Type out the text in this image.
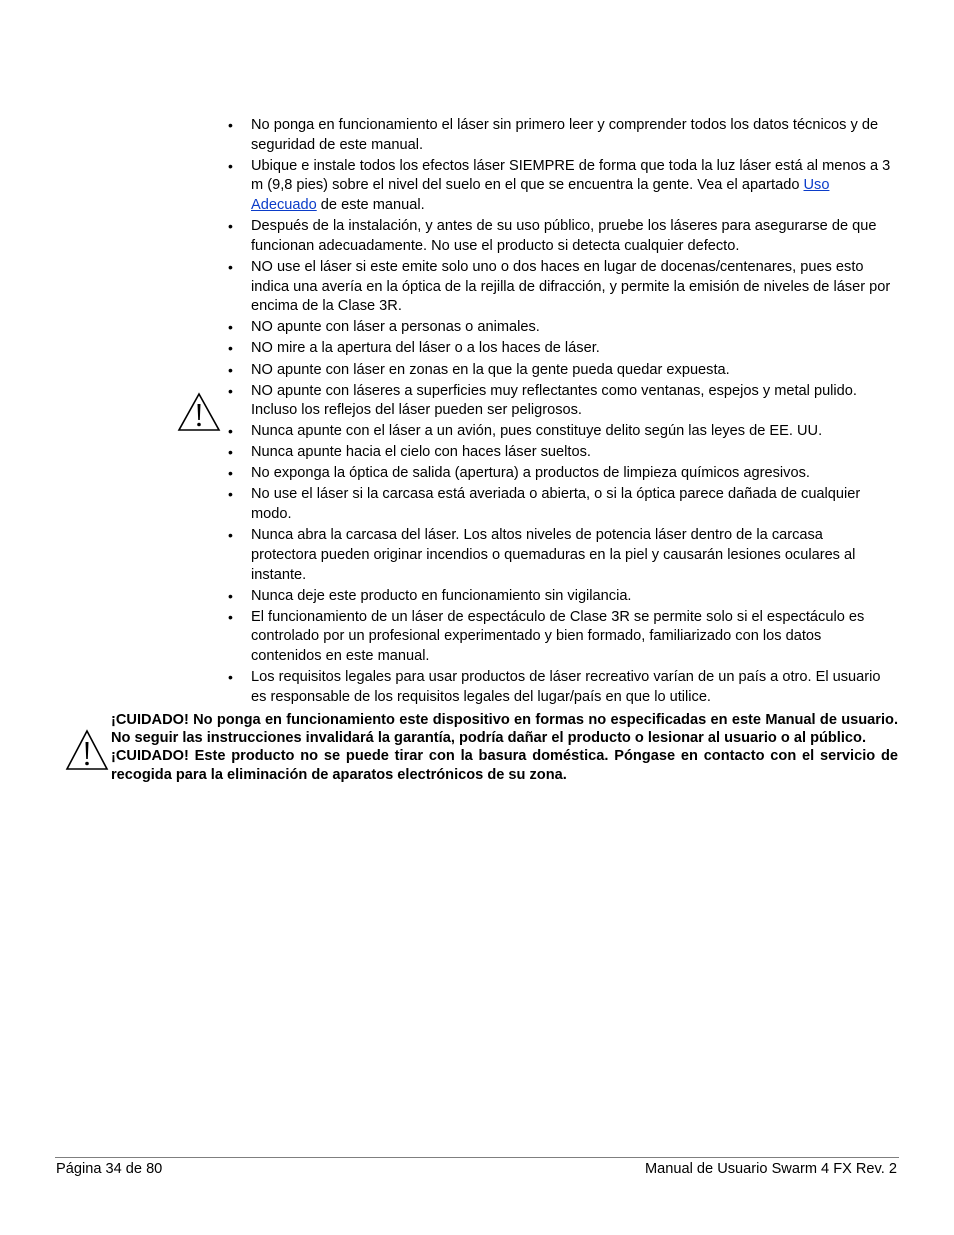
• No ponga en funcionamiento el láser sin primero leer y comprender todos los datos técnicos y de seguridad de este manual.
• Ubique e instale todos los efectos láser SIEMPRE de forma que toda la luz láser está al menos a 3 m (9,8 pies) sobre el nivel del suelo en el que se encuentra la gente. Vea el apartado Uso Adecuado de este manual.
• Después de la instalación, y antes de su uso público, pruebe los láseres para asegurarse de que funcionan adecuadamente. No use el producto si detecta cualquier defecto.
• NO use el láser si este emite solo uno o dos haces en lugar de docenas/centenares, pues esto indica una avería en la óptica de la rejilla de difracción, y permite la emisión de niveles de láser por encima de la Clase 3R.
• NO apunte con láser a personas o animales.
• NO mire a la apertura del láser o a los haces de láser.
• NO apunte con láser en zonas en la que la gente pueda quedar expuesta.
• NO apunte con láseres a superficies muy reflectantes como ventanas, espejos y metal pulido. Incluso los reflejos del láser pueden ser peligrosos.
• Nunca apunte con el láser a un avión, pues constituye delito según las leyes de EE. UU.
• Nunca apunte hacia el cielo con haces láser sueltos.
• No exponga la óptica de salida (apertura) a productos de limpieza químicos agresivos.
• No use el láser si la carcasa está averiada o abierta, o si la óptica parece dañada de cualquier modo.
• Nunca abra la carcasa del láser. Los altos niveles de potencia láser dentro de la carcasa protectora pueden originar incendios o quemaduras en la piel y causarán lesiones oculares al instante.
• Nunca deje este producto en funcionamiento sin vigilancia.
• El funcionamiento de un láser de espectáculo de Clase 3R se permite solo si el espectáculo es controlado por un profesional experimentado y bien formado, familiarizado con los datos contenidos en este manual.
• Los requisitos legales para usar productos de láser recreativo varían de un país a otro. El usuario es responsable de los requisitos legales del lugar/país en que lo utilice.

¡CUIDADO! No ponga en funcionamiento este dispositivo en formas no especificadas en este Manual de usuario. No seguir las instrucciones invalidará la garantía, podría dañar el producto o lesionar al usuario o al público.

¡CUIDADO! Este producto no se puede tirar con la basura doméstica. Póngase en contacto con el servicio de recogida para la eliminación de aparatos electrónicos de su zona.

Página 34 de 80	Manual de Usuario Swarm 4 FX Rev. 2
